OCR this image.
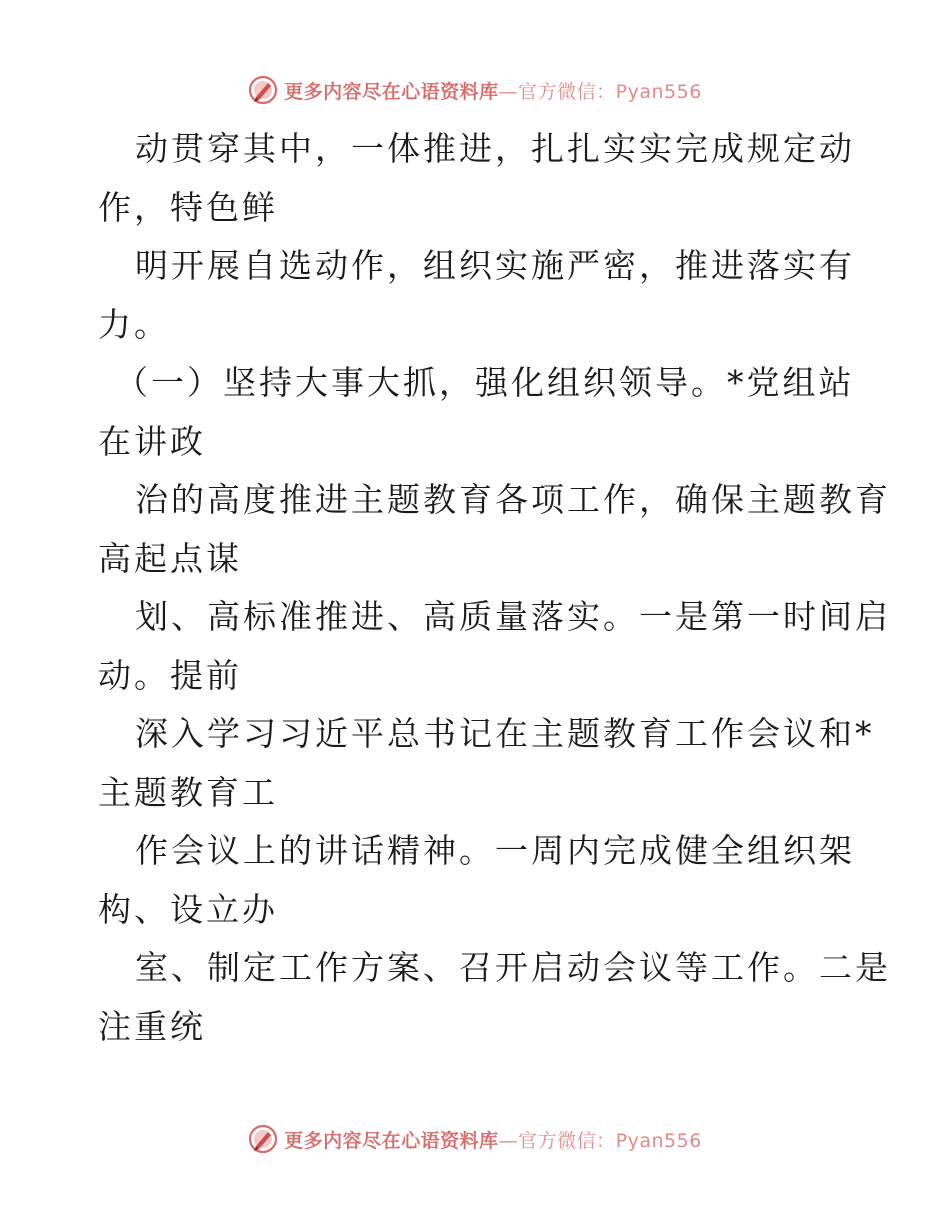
更多内容尽在心语资料库—官方微信：Pyan556
动贯穿其中，一体推进，扎扎实实完成规定动
作，特色鲜
明开展自选动作，组织实施严密，推进落实有
力。
（一）坚持大事大抓，强化组织领导。*党组站
在讲政
治的高度推进主题教育各项工作，确保主题教育
高起点谋
划、高标准推进、高质量落实。一是第一时间启
动。提前
深入学习习近平总书记在主题教育工作会议和*
主题教育工
作会议上的讲话精神。一周内完成健全组织架
构、设立办
室、制定工作方案、召开启动会议等工作。二是
注重统
更多内容尽在心语资料库—官方微信：Pyan556
